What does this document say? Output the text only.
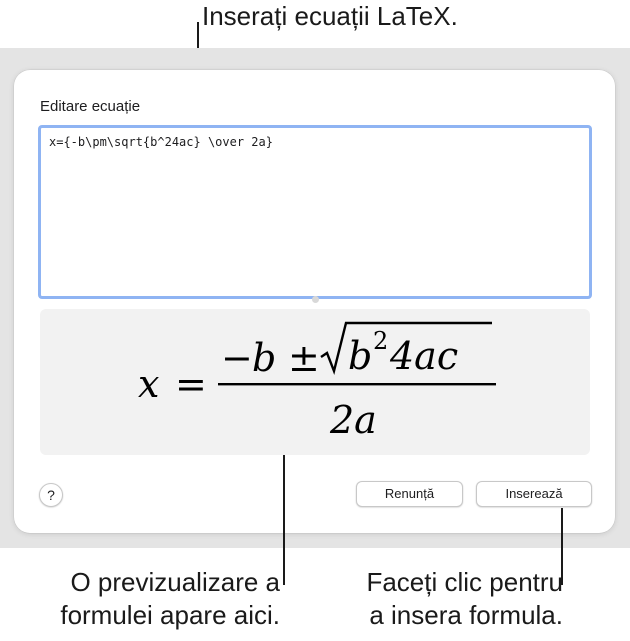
Inserați ecuații LaTeX.
Editare ecuație
x={-b\pm\sqrt{b^24ac} \over 2a}
x =
− b ± b 2 4ac
2a
?	Renunță	Inserează
O previzualizare a
formulei apare aici.
Faceți clic pentru
a insera formula.
